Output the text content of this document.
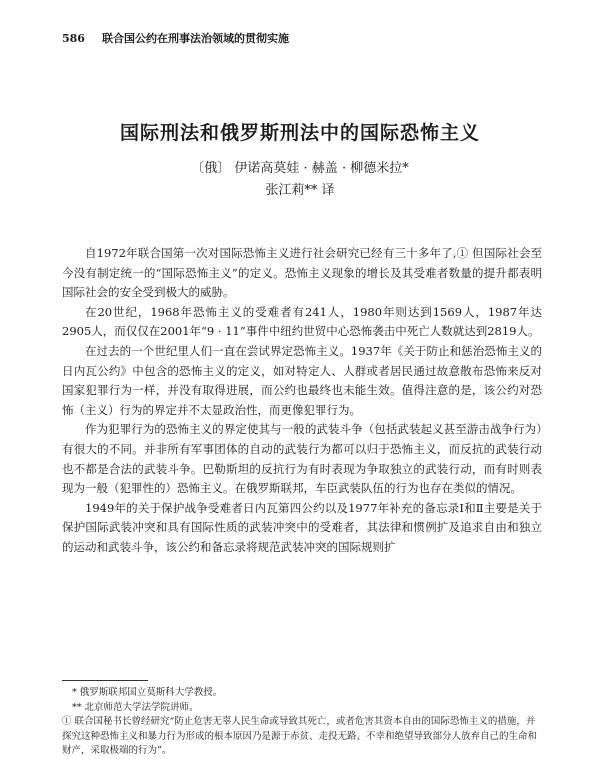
586 联合国公约在刑事法治领域的贯彻实施
国际刑法和俄罗斯刑法中的国际恐怖主义
〔俄〕 伊诺高莫娃 · 赫盖 · 柳德米拉*
张江莉** 译

自1972年联合国第一次对国际恐怖主义进行社会研究已经有三十多年了,① 但国际社会至今没有制定统一的“国际恐怖主义”的定义。恐怖主义现象的增长及其受难者数量的提升都表明国际社会的安全受到极大的威胁。

在20世纪，1968年恐怖主义的受难者有241人，1980年则达到1569人，1987年达2905人，而仅仅在2001年“9 · 11”事件中纽约世贸中心恐怖袭击中死亡人数就达到2819人。

在过去的一个世纪里人们一直在尝试界定恐怖主义。1937年《关于防止和惩治恐怖主义的日内瓦公约》中包含的恐怖主义的定义，如对特定人、人群或者居民通过故意散布恐怖来反对国家犯罪行为一样，并没有取得进展，而公约也最终也未能生效。值得注意的是，该公约对恐怖（主义）行为的界定并不太显政治性，而更像犯罪行为。

作为犯罪行为的恐怖主义的界定使其与一般的武装斗争（包括武装起义甚至游击战争行为）有很大的不同。并非所有军事团体的自动的武装行为都可以归于恐怖主义，而反抗的武装行动也不都是合法的武装斗争。巴勒斯坦的反抗行为有时表现为争取独立的武装行动，而有时则表现为一般（犯罪性的）恐怖主义。在俄罗斯联邦，车臣武装队伍的行为也存在类似的情况。

1949年的关于保护战争受难者日内瓦第四公约以及1977年补充的备忘录Ⅰ和Ⅱ主要是关于保护国际武装冲突和具有国际性质的武装冲突中的受难者，其法律和惯例扩及追求自由和独立的运动和武装斗争，该公约和备忘录将规范武装冲突的国际规则扩

* 俄罗斯联邦国立莫斯科大学教授。

** 北京师范大学法学院讲师。

① 联合国秘书长曾经研究“防止危害无辜人民生命或导致其死亡，或者危害其资本自由的国际恐怖主义的措施，并探究这种恐怖主义和暴力行为形成的根本原因乃是源于赤贫、走投无路、不幸和绝望导致部分人放弃自己的生命和财产，采取极端的行为”。
